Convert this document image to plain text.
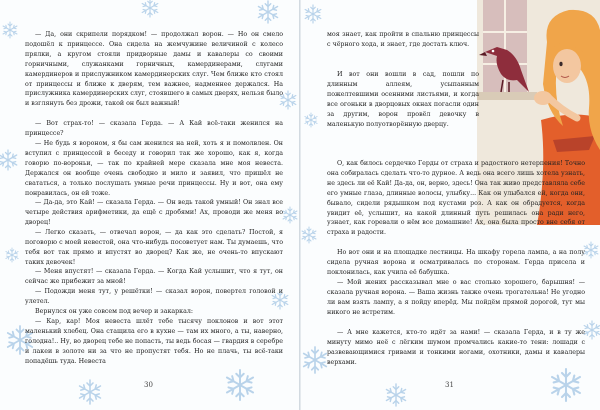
— Да, они скрипели порядком! — продолжал ворон. — Но он смело подошёл к принцессе. Она сидела на жемчужине величиной с колесо прялки, а кругом стояли придворные дамы и кавалеры со своими горничными, служанками горничных, камердинерами, слугами камердинеров и прислужником камердинерских слуг. Чем ближе кто стоял от принцессы и ближе к дверям, тем важнее, надменнее держался. На прислужника камердинерских слуг, стоявшего в самых дверях, нельзя было и взглянуть без дрожи, такой он был важный!

— Вот страх-то! — сказала Герда. — А Кай всё-таки женился на принцессе?

— Не будь я вороном, я бы сам женился на ней, хоть я и помолвлен. Он вступил с принцессой в беседу и говорил так же хорошо, как я, когда говорю по-вороньи, — так по крайней мере сказала мне моя невеста. Держался он вообще очень свободно и мило и заявил, что пришёл не свататься, а только послушать умные речи принцессы. Ну и вот, она ему понравилась, он ей тоже.

— Да-да, это Кай! — сказала Герда. — Он ведь такой умный! Он знал все четыре действия арифметики, да ещё с дробями! Ах, проводи же меня во дворец!

— Легко сказать, — отвечал ворон, — да как это сделать? Постой, я поговорю с моей невестой, она что-нибудь посоветует нам. Ты думаешь, что тебя вот так прямо и впустят во дворец? Как же, не очень-то впускают таких девочек!

— Меня впустят! — сказала Герда. — Когда Кай услышит, что я тут, он сейчас же прибежит за мной!

— Подожди меня тут, у решётки! — сказал ворон, повертел головой и улетел.

Вернулся он уже совсем под вечер и закаркал:

— Кар, кар! Моя невеста шлёт тебе тысячу поклонов и вот этот маленький хлебец. Она стащила его в кухне — там их много, а ты, наверно, голодна!.. Ну, во дворец тебе не попасть, ты ведь босая — гвардия в серебре и лакеи в золоте ни за что не пропустят тебя. Но не плачь, ты всё-таки попадёшь туда. Невеста

30

моя знает, как пройти в спальню принцессы с чёрного хода, и знает, где достать ключ.

И вот они вошли в сад, пошли по длинным аллеям, усыпанным пожелтевшими осенними листьями, и когда все огоньки в дворцовых окнах погасли один за другим, ворон провёл девочку в маленькую полуотворённую дверцу.

О, как билось сердечко Герды от страха и радостного нетерпения! Точно она собиралась сделать что-то дурное. А ведь она всего лишь хотела узнать, не здесь ли её Кай! Да-да, он, верно, здесь! Она так живо представляла себе его умные глаза, длинные волосы, улыбку... Как он улыбался ей, когда они, бывало, сидели рядышком под кустами роз. А как он обрадуется, когда увидит её, услышит, на какой длинный путь решилась она ради него, узнает, как горевали о нём все домашние! Ах, она была просто вне себя от страха и радости.

Но вот они и на площадке лестницы. На шкафу горела лампа, а на полу сидела ручная ворона и осматривалась по сторонам. Герда присела и поклонилась, как учила её бабушка.

— Мой жених рассказывал мне о вас столько хорошего, барышня! — сказала ручная ворона. — Ваша жизнь также очень трогательна! Не угодно ли вам взять лампу, а я пойду вперёд. Мы пойдём прямой дорогой, тут мы никого не встретим.

— А мне кажется, кто-то идёт за нами! — сказала Герда, и в ту же минуту мимо неё с лёгким шумом промчались какие-то тени: лошади с развевающимися гривами и тонкими ногами, охотники, дамы и кавалеры верхами.

31
